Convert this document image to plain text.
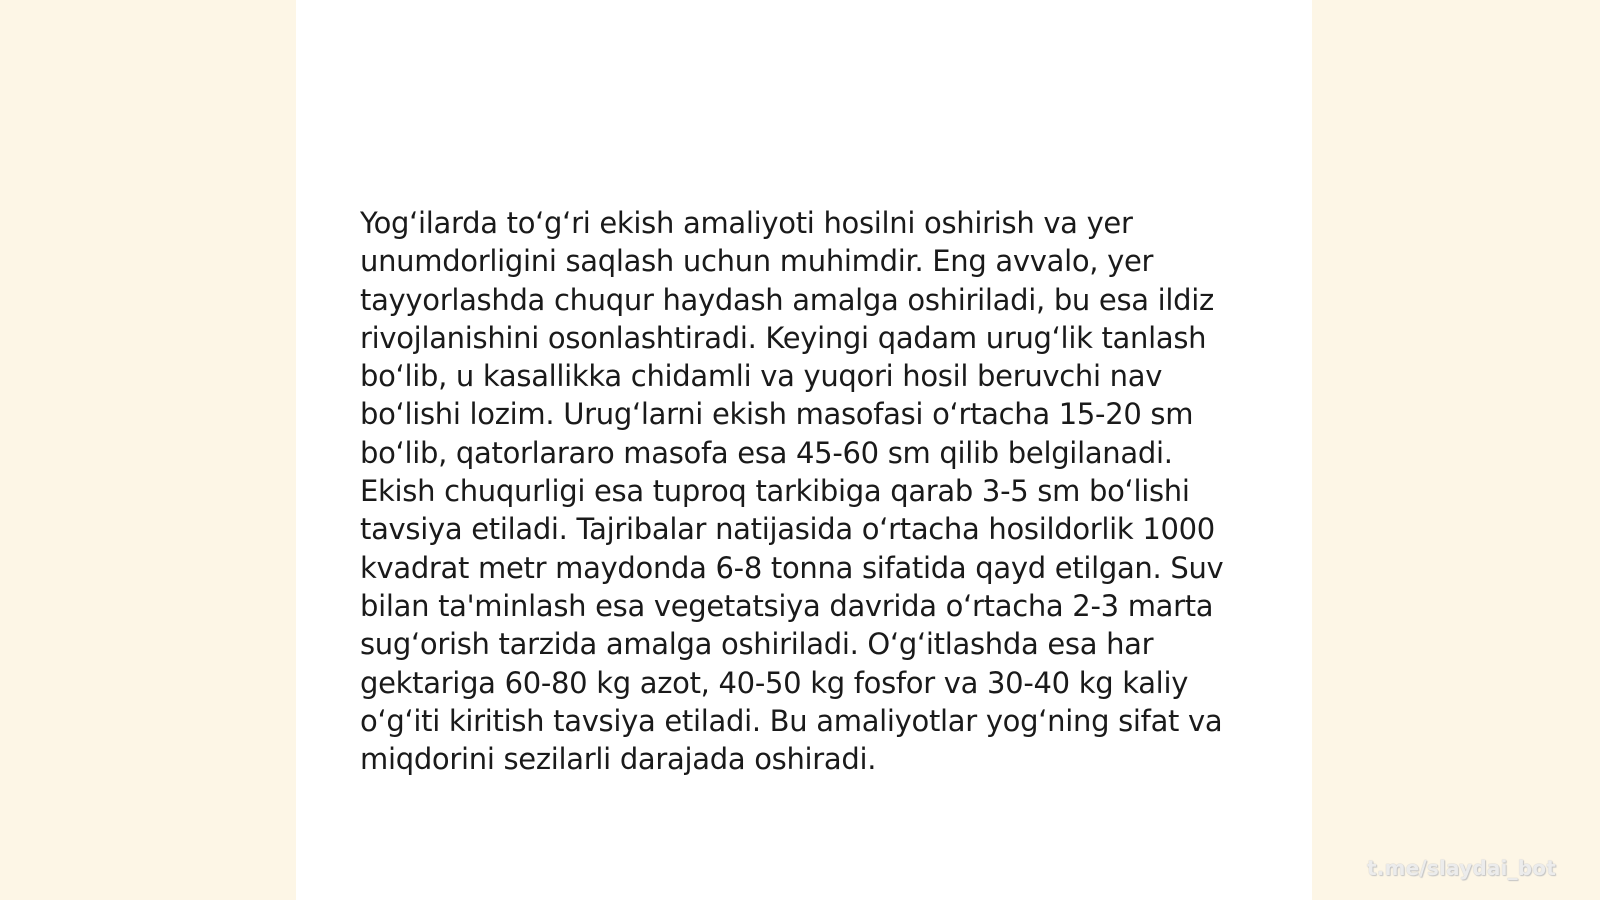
Yog‘ilarda to‘g‘ri ekish amaliyoti hosilni oshirish va yer unumdorligini saqlash uchun muhimdir. Eng avvalo, yer tayyorlashda chuqur haydash amalga oshiriladi, bu esa ildiz rivojlanishini osonlashtiradi. Keyingi qadam urug‘lik tanlash bo‘lib, u kasallikka chidamli va yuqori hosil beruvchi nav bo‘lishi lozim. Urug‘larni ekish masofasi o‘rtacha 15-20 sm bo‘lib, qatorlararo masofa esa 45-60 sm qilib belgilanadi. Ekish chuqurligi esa tuproq tarkibiga qarab 3-5 sm bo‘lishi tavsiya etiladi. Tajribalar natijasida o‘rtacha hosildorlik 1000 kvadrat metr maydonda 6-8 tonna sifatida qayd etilgan. Suv bilan ta'minlash esa vegetatsiya davrida o‘rtacha 2-3 marta sug‘orish tarzida amalga oshiriladi. O‘g‘itlashda esa har gektariga 60-80 kg azot, 40-50 kg fosfor va 30-40 kg kaliy o‘g‘iti kiritish tavsiya etiladi. Bu amaliyotlar yog‘ning sifat va miqdorini sezilarli darajada oshiradi.

t.me/slaydai_bot
